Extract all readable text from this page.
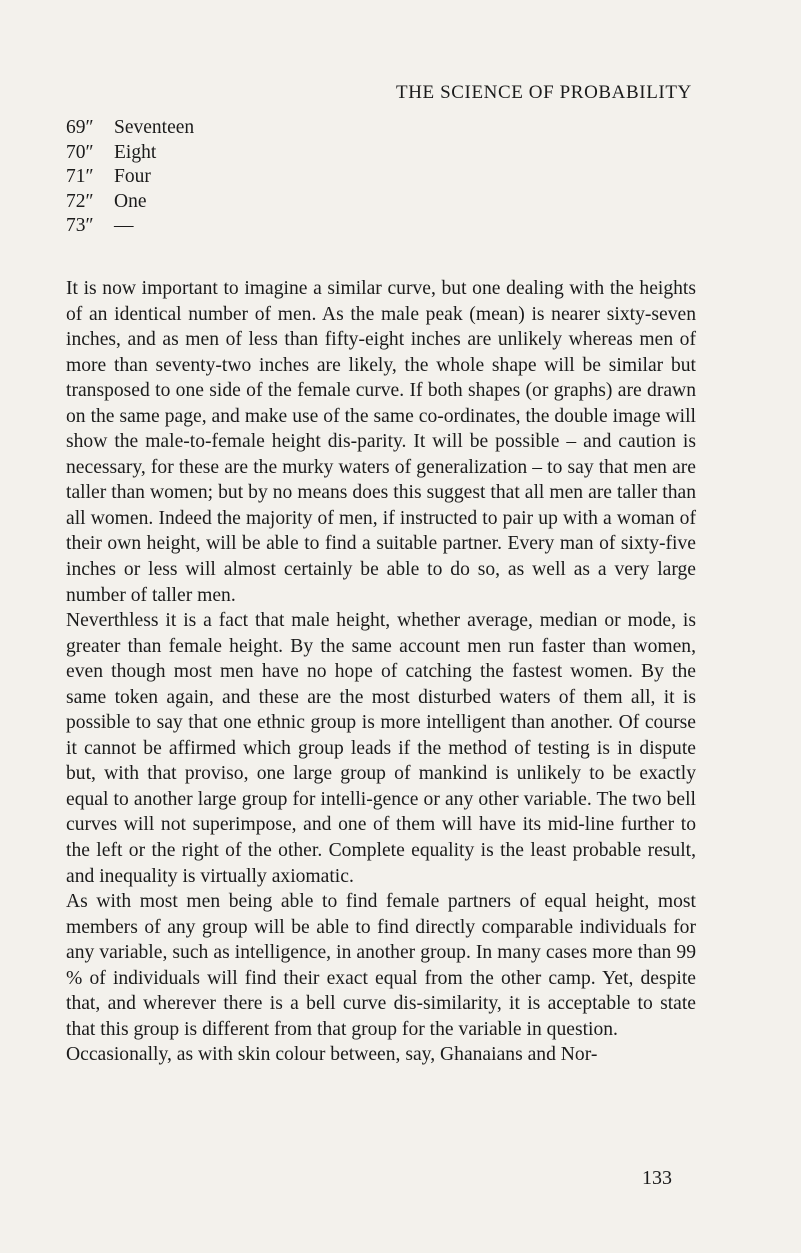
THE SCIENCE OF PROBABILITY
69″ Seventeen
70″ Eight
71″ Four
72″ One
73″ —

It is now important to imagine a similar curve, but one dealing with the heights of an identical number of men. As the male peak (mean) is nearer sixty-seven inches, and as men of less than fifty-eight inches are unlikely whereas men of more than seventy-two inches are likely, the whole shape will be similar but transposed to one side of the female curve. If both shapes (or graphs) are drawn on the same page, and make use of the same co-ordinates, the double image will show the male-to-female height dis-parity. It will be possible – and caution is necessary, for these are the murky waters of generalization – to say that men are taller than women; but by no means does this suggest that all men are taller than all women. Indeed the majority of men, if instructed to pair up with a woman of their own height, will be able to find a suitable partner. Every man of sixty-five inches or less will almost certainly be able to do so, as well as a very large number of taller men.

Neverthless it is a fact that male height, whether average, median or mode, is greater than female height. By the same account men run faster than women, even though most men have no hope of catching the fastest women. By the same token again, and these are the most disturbed waters of them all, it is possible to say that one ethnic group is more intelligent than another. Of course it cannot be affirmed which group leads if the method of testing is in dispute but, with that proviso, one large group of mankind is unlikely to be exactly equal to another large group for intelli-gence or any other variable. The two bell curves will not superimpose, and one of them will have its mid-line further to the left or the right of the other. Complete equality is the least probable result, and inequality is virtually axiomatic.

As with most men being able to find female partners of equal height, most members of any group will be able to find directly comparable individuals for any variable, such as intelligence, in another group. In many cases more than 99 % of individuals will find their exact equal from the other camp. Yet, despite that, and wherever there is a bell curve dis-similarity, it is acceptable to state that this group is different from that group for the variable in question.

Occasionally, as with skin colour between, say, Ghanaians and Nor-

133
